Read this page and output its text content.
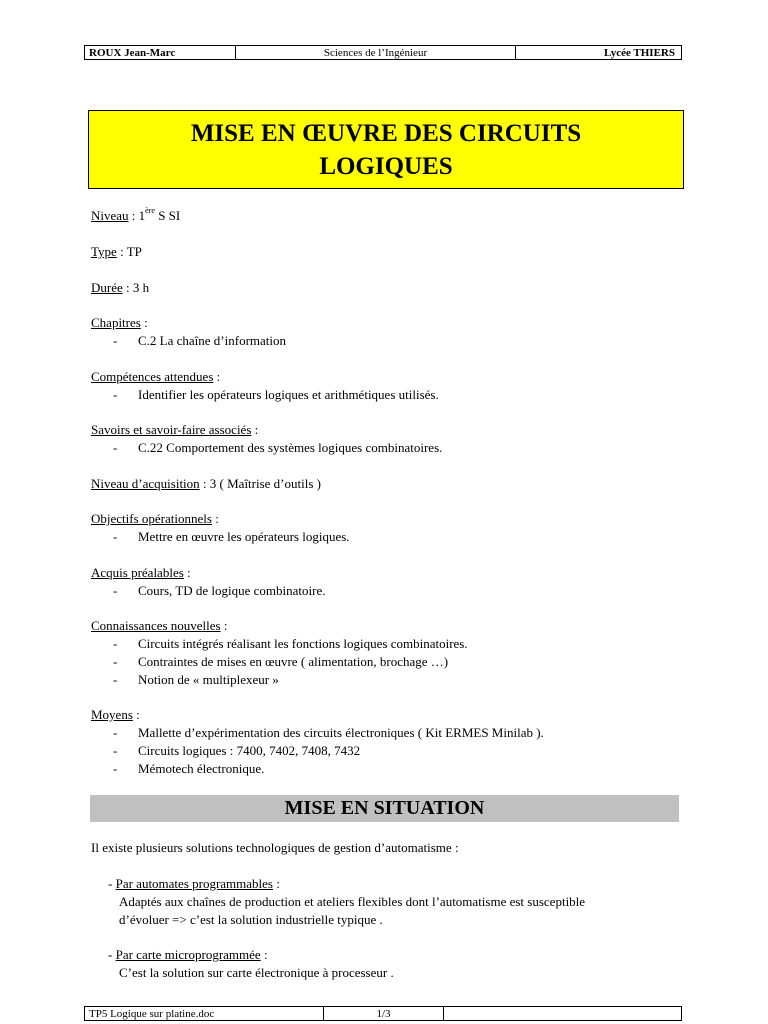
ROUX Jean-Marc	Sciences de l’Ingénieur	Lycée THIERS
MISE EN ŒUVRE DES CIRCUITS LOGIQUES
Niveau : 1ère S SI
Type : TP
Durée : 3 h
Chapitres :
-	C.2 La chaîne d’information
Compétences attendues :
-	Identifier les opérateurs logiques et arithmétiques utilisés.
Savoirs et savoir-faire associés :
-	C.22 Comportement des systèmes logiques combinatoires.
Niveau d’acquisition : 3 ( Maîtrise d’outils )
Objectifs opérationnels :
-	Mettre en œuvre les opérateurs logiques.
Acquis préalables :
-	Cours, TD de logique combinatoire.
Connaissances nouvelles :
-	Circuits intégrés réalisant les fonctions logiques combinatoires.
-	Contraintes de mises en œuvre ( alimentation, brochage …)
-	Notion de « multiplexeur »
Moyens :
-	Mallette d’expérimentation des circuits électroniques ( Kit ERMES Minilab ).
-	Circuits logiques : 7400, 7402, 7408, 7432
-	Mémotech électronique.
MISE EN SITUATION
Il existe plusieurs solutions technologiques de gestion d’automatisme :
- Par automates programmables :
Adaptés aux chaînes de production et ateliers flexibles dont l’automatisme est susceptible
d’évoluer => c’est la solution industrielle typique .
- Par carte microprogrammée :
C’est la solution sur carte électronique à processeur .
TP5 Logique sur platine.doc	1/3
